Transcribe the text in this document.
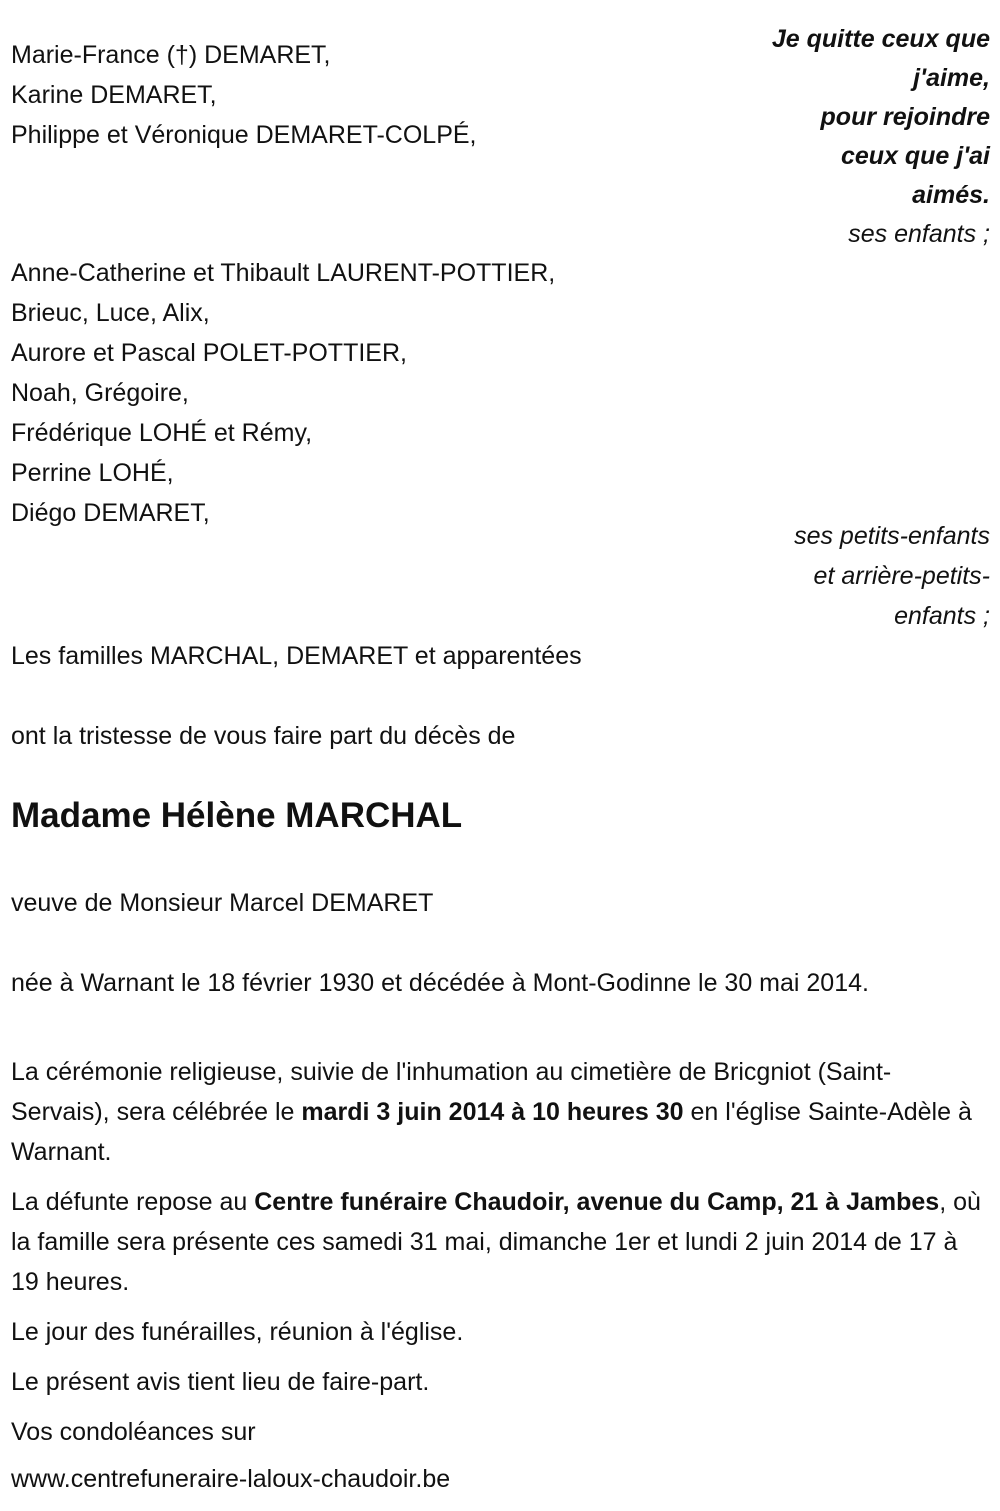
Je quitte ceux que
j'aime,
pour rejoindre
ceux que j'ai
aimés.
ses enfants ;
Marie-France (†) DEMARET,
Karine DEMARET,
Philippe et Véronique DEMARET-COLPÉ,
Anne-Catherine et Thibault LAURENT-POTTIER,
Brieuc, Luce, Alix,
Aurore et Pascal POLET-POTTIER,
Noah, Grégoire,
Frédérique LOHÉ et Rémy,
Perrine LOHÉ,
Diégo DEMARET,
ses petits-enfants
et arrière-petits-
enfants ;
Les familles MARCHAL, DEMARET et apparentées
ont la tristesse de vous faire part du décès de
Madame Hélène MARCHAL
veuve de Monsieur Marcel DEMARET
née à Warnant le 18 février 1930 et décédée à Mont-Godinne le 30 mai 2014.
La cérémonie religieuse, suivie de l'inhumation au cimetière de Bricgniot (Saint-Servais), sera célébrée le mardi 3 juin 2014 à 10 heures 30 en l'église Sainte-Adèle à Warnant.
La défunte repose au Centre funéraire Chaudoir, avenue du Camp, 21 à Jambes, où la famille sera présente ces samedi 31 mai, dimanche 1er et lundi 2 juin 2014 de 17 à 19 heures.
Le jour des funérailles, réunion à l'église.
Le présent avis tient lieu de faire-part.
Vos condoléances sur
www.centrefuneraire-laloux-chaudoir.be
